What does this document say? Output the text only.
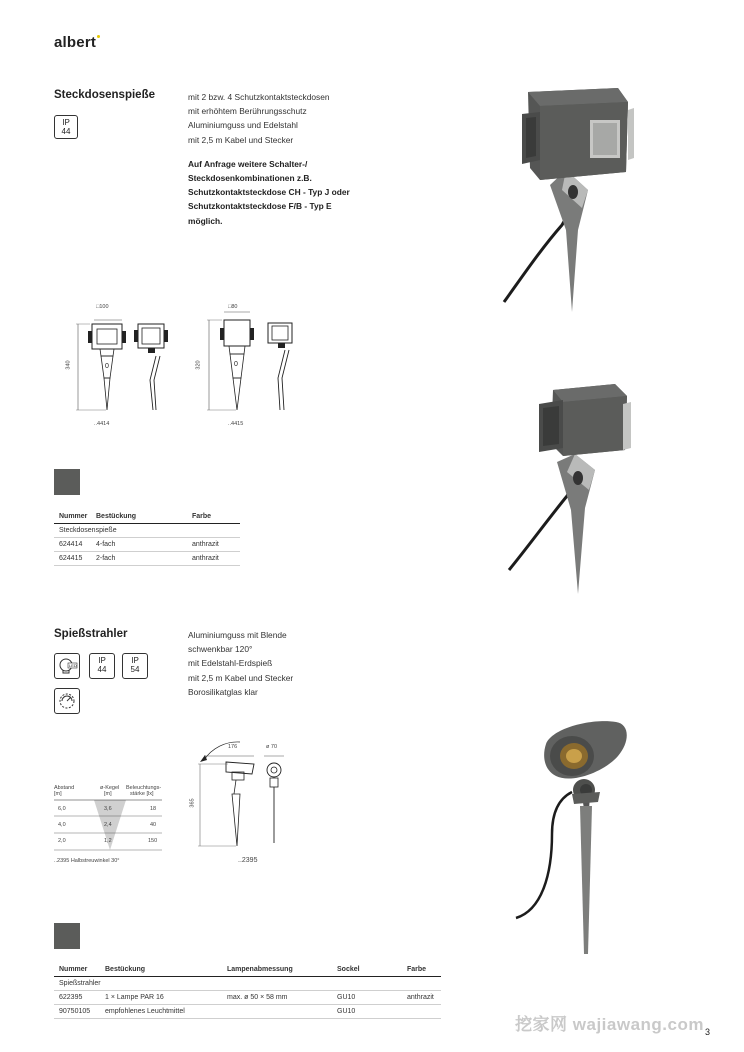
albert
Steckdosenspieße
IP
44
mit 2 bzw. 4 Schutzkontaktsteckdosen
mit erhöhtem Berührungsschutz
Aluminiumguss und Edelstahl
mit 2,5 m Kabel und Stecker
Auf Anfrage weitere Schalter-/
Steckdosenkombinationen z.B.
Schutzkontaktsteckdose CH - Typ J oder
Schutzkontaktsteckdose F/B - Typ E
möglich.
0	0
□100
340
..4414
□80
320
..4415
Nummer	Bestückung	Farbe
Steckdosenspieße		
624414	4-fach	anthrazit
624415	2-fach	anthrazit
Spießstrahler
LED
IP
44
IP
54
Aluminiumguss mit Blende
schwenkbar 120°
mit Edelstahl-Erdspieß
mit 2,5 m Kabel und Stecker
Borosilikatglas klar
Abstand
[m]
ø-Kegel
[m]
Beleuchtungs-
stärke [lx]
6,0	3,6	18
4,0	2,4	40
2,0	1,2	150
..2395 Halbstreuwinkel 30°
176	ø 70
365
..2395
Nummer	Bestückung	Lampenabmessung	Sockel	Farbe
Spießstrahler				
622395	1 × Lampe PAR 16	max. ø 50 × 58 mm	GU10	anthrazit
90750105	empfohlenes Leuchtmittel		GU10	
挖家网 wajiawang.com 3
